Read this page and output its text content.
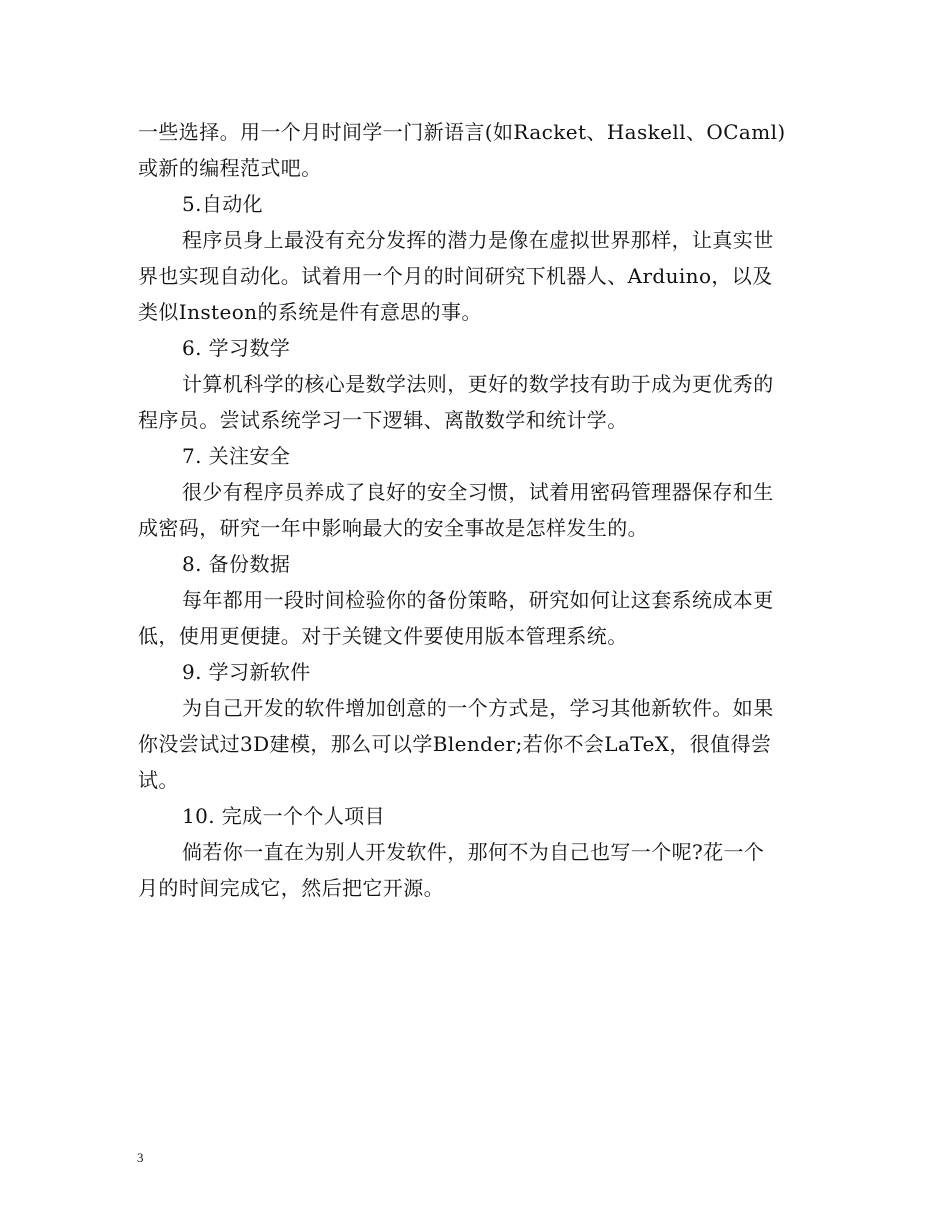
一些选择。用一个月时间学一门新语言(如Racket、Haskell、OCaml)
或新的编程范式吧。
5.自动化
程序员身上最没有充分发挥的潜力是像在虚拟世界那样，让真实世
界也实现自动化。试着用一个月的时间研究下机器人、Arduino，以及
类似Insteon的系统是件有意思的事。
6. 学习数学
计算机科学的核心是数学法则，更好的数学技有助于成为更优秀的
程序员。尝试系统学习一下逻辑、离散数学和统计学。
7. 关注安全
很少有程序员养成了良好的安全习惯，试着用密码管理器保存和生
成密码，研究一年中影响最大的安全事故是怎样发生的。
8. 备份数据
每年都用一段时间检验你的备份策略，研究如何让这套系统成本更
低，使用更便捷。对于关键文件要使用版本管理系统。
9. 学习新软件
为自己开发的软件增加创意的一个方式是，学习其他新软件。如果
你没尝试过3D建模，那么可以学Blender;若你不会LaTeX，很值得尝
试。
10. 完成一个个人项目
倘若你一直在为别人开发软件，那何不为自己也写一个呢?花一个
月的时间完成它，然后把它开源。
3
